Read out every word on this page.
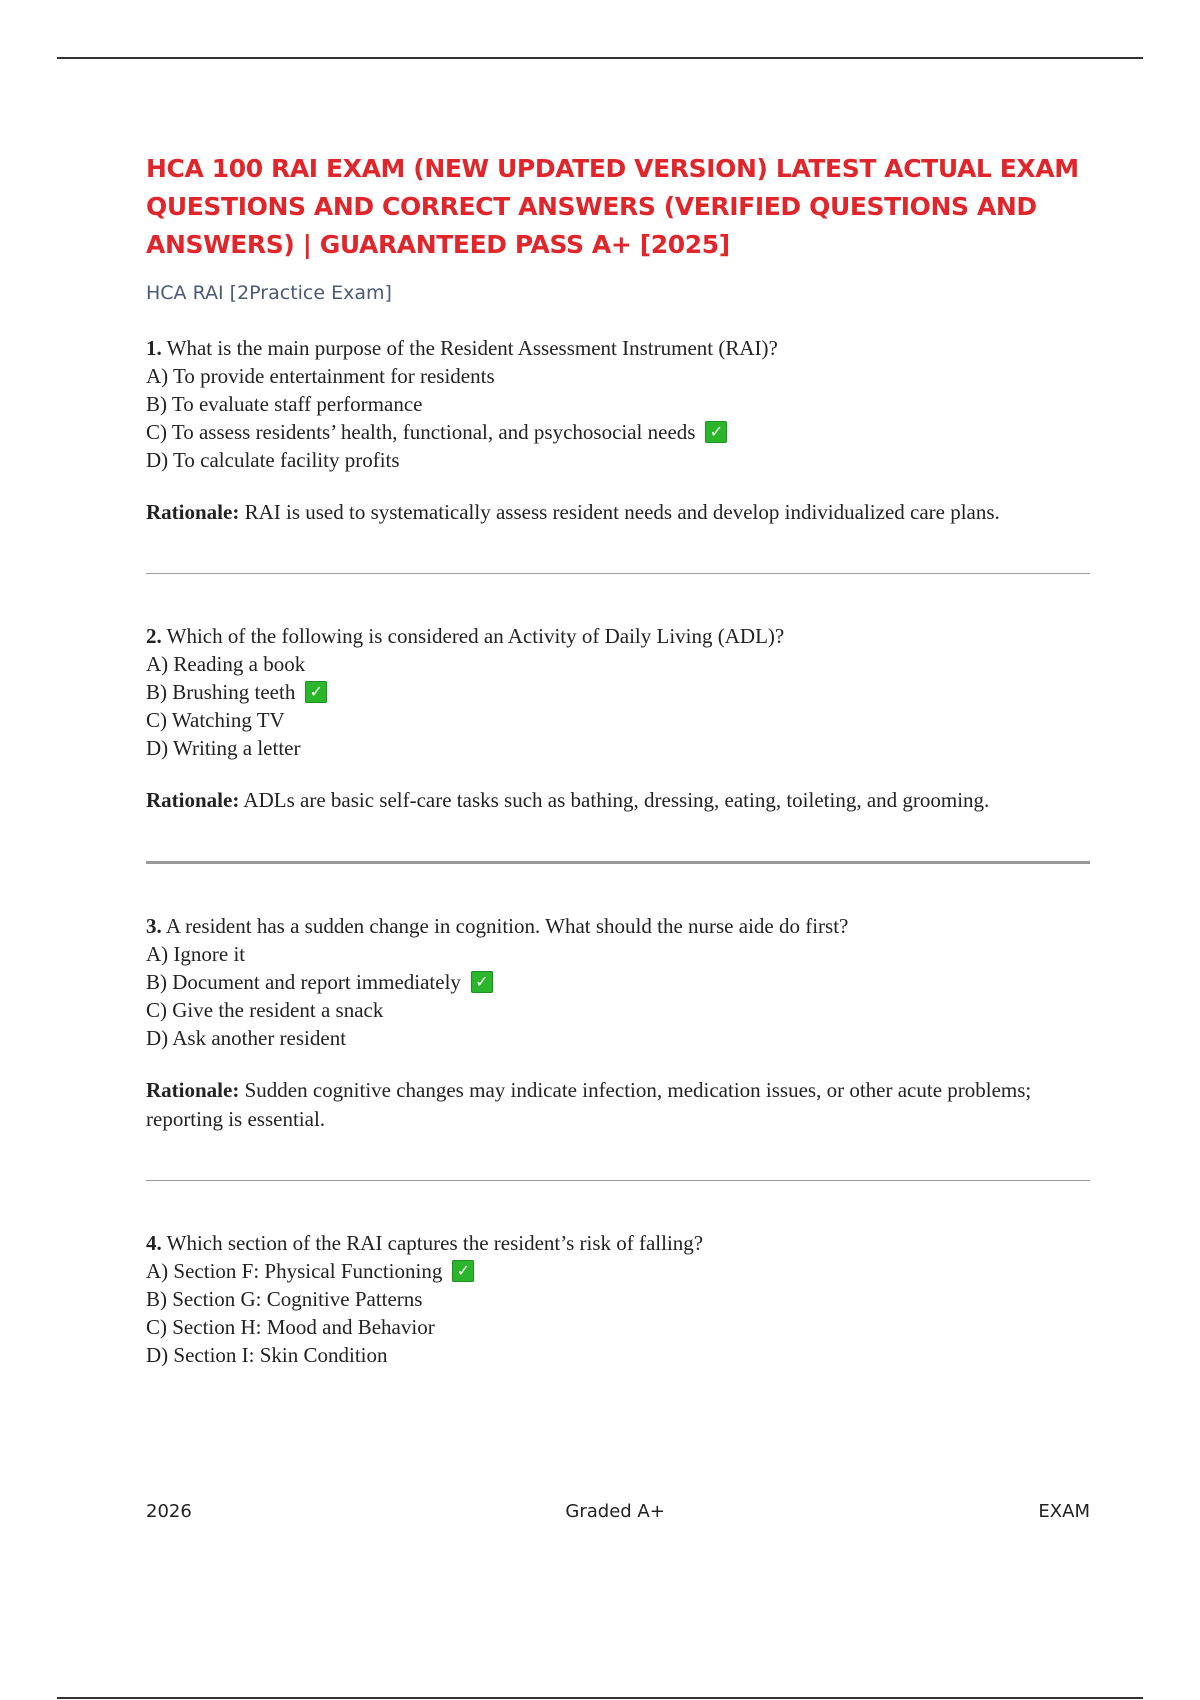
HCA 100 RAI EXAM (NEW UPDATED VERSION) LATEST ACTUAL EXAM QUESTIONS AND CORRECT ANSWERS (VERIFIED QUESTIONS AND ANSWERS) | GUARANTEED PASS A+ [2025]
HCA RAI [2Practice Exam]
1. What is the main purpose of the Resident Assessment Instrument (RAI)?
A) To provide entertainment for residents
B) To evaluate staff performance
C) To assess residents’ health, functional, and psychosocial needs ✓
D) To calculate facility profits
Rationale: RAI is used to systematically assess resident needs and develop individualized care plans.
2. Which of the following is considered an Activity of Daily Living (ADL)?
A) Reading a book
B) Brushing teeth ✓
C) Watching TV
D) Writing a letter
Rationale: ADLs are basic self-care tasks such as bathing, dressing, eating, toileting, and grooming.
3. A resident has a sudden change in cognition. What should the nurse aide do first?
A) Ignore it
B) Document and report immediately ✓
C) Give the resident a snack
D) Ask another resident
Rationale: Sudden cognitive changes may indicate infection, medication issues, or other acute problems; reporting is essential.
4. Which section of the RAI captures the resident’s risk of falling?
A) Section F: Physical Functioning ✓
B) Section G: Cognitive Patterns
C) Section H: Mood and Behavior
D) Section I: Skin Condition
2026	Graded A+	EXAM
